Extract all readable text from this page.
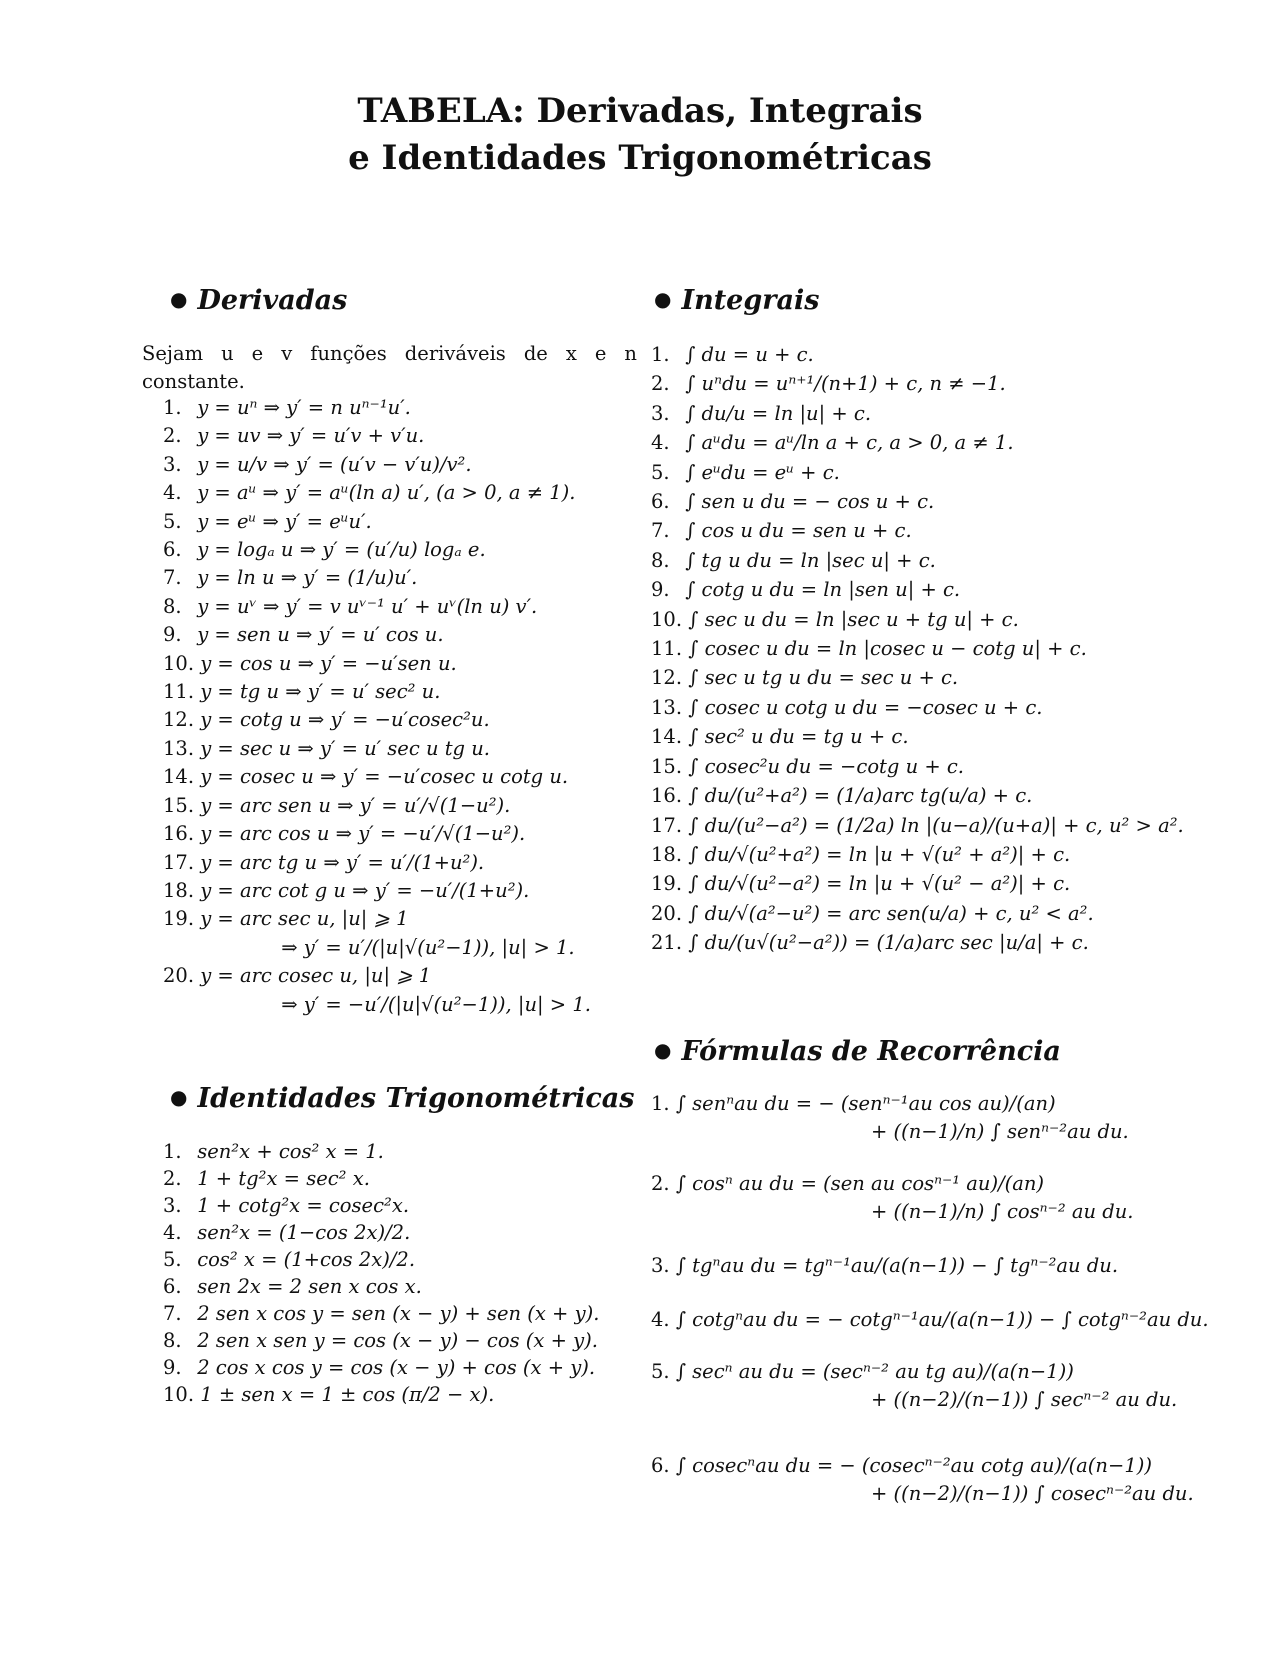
TABELA: Derivadas, Integrais
e Identidades Trigonométricas
● Derivadas
Sejam u e v funções deriváveis de x e n constante.
1. y = uⁿ ⇒ y′ = n uⁿ⁻¹u′.
2. y = uv ⇒ y′ = u′v + v′u.
3. y = u/v ⇒ y′ = (u′v − v′u)/v².
4. y = aᵘ ⇒ y′ = aᵘ(ln a) u′, (a > 0, a ≠ 1).
5. y = eᵘ ⇒ y′ = eᵘu′.
6. y = logₐ u ⇒ y′ = (u′/u) logₐ e.
7. y = ln u ⇒ y′ = (1/u)u′.
8. y = uᵛ ⇒ y′ = v uᵛ⁻¹ u′ + uᵛ(ln u) v′.
9. y = sen u ⇒ y′ = u′ cos u.
10. y = cos u ⇒ y′ = −u′sen u.
11. y = tg u ⇒ y′ = u′ sec² u.
12. y = cotg u ⇒ y′ = −u′cosec²u.
13. y = sec u ⇒ y′ = u′ sec u tg u.
14. y = cosec u ⇒ y′ = −u′cosec u cotg u.
15. y = arc sen u ⇒ y′ = u′/√(1−u²).
16. y = arc cos u ⇒ y′ = −u′/√(1−u²).
17. y = arc tg u ⇒ y′ = u′/(1+u²).
18. y = arc cot g u ⇒ y′ = −u′/(1+u²).
19. y = arc sec u, |u| ⩾ 1
⇒ y′ = u′/(|u|√(u²−1)), |u| > 1.
20. y = arc cosec u, |u| ⩾ 1
⇒ y′ = −u′/(|u|√(u²−1)), |u| > 1.
● Identidades Trigonométricas
1. sen²x + cos² x = 1.
2. 1 + tg²x = sec² x.
3. 1 + cotg²x = cosec²x.
4. sen²x = (1−cos 2x)/2.
5. cos² x = (1+cos 2x)/2.
6. sen 2x = 2 sen x cos x.
7. 2 sen x cos y = sen (x − y) + sen (x + y).
8. 2 sen x sen y = cos (x − y) − cos (x + y).
9. 2 cos x cos y = cos (x − y) + cos (x + y).
10. 1 ± sen x = 1 ± cos (π/2 − x).
● Integrais
1. ∫ du = u + c.
2. ∫ uⁿdu = uⁿ⁺¹/(n+1) + c, n ≠ −1.
3. ∫ du/u = ln |u| + c.
4. ∫ aᵘdu = aᵘ/ln a + c, a > 0, a ≠ 1.
5. ∫ eᵘdu = eᵘ + c.
6. ∫ sen u du = − cos u + c.
7. ∫ cos u du = sen u + c.
8. ∫ tg u du = ln |sec u| + c.
9. ∫ cotg u du = ln |sen u| + c.
10. ∫ sec u du = ln |sec u + tg u| + c.
11. ∫ cosec u du = ln |cosec u − cotg u| + c.
12. ∫ sec u tg u du = sec u + c.
13. ∫ cosec u cotg u du = −cosec u + c.
14. ∫ sec² u du = tg u + c.
15. ∫ cosec²u du = −cotg u + c.
16. ∫ du/(u²+a²) = (1/a)arc tg(u/a) + c.
17. ∫ du/(u²−a²) = (1/2a) ln |(u−a)/(u+a)| + c, u² > a².
18. ∫ du/√(u²+a²) = ln |u + √(u² + a²)| + c.
19. ∫ du/√(u²−a²) = ln |u + √(u² − a²)| + c.
20. ∫ du/√(a²−u²) = arc sen(u/a) + c, u² < a².
21. ∫ du/(u√(u²−a²)) = (1/a)arc sec |u/a| + c.
● Fórmulas de Recorrência
1. ∫ senⁿau du = − (senⁿ⁻¹au cos au)/(an)
+ ((n−1)/n) ∫ senⁿ⁻²au du.
2. ∫ cosⁿ au du = (sen au cosⁿ⁻¹ au)/(an)
+ ((n−1)/n) ∫ cosⁿ⁻² au du.
3. ∫ tgⁿau du = tgⁿ⁻¹au/(a(n−1)) − ∫ tgⁿ⁻²au du.
4. ∫ cotgⁿau du = − cotgⁿ⁻¹au/(a(n−1)) − ∫ cotgⁿ⁻²au du.
5. ∫ secⁿ au du = (secⁿ⁻² au tg au)/(a(n−1))
+ ((n−2)/(n−1)) ∫ secⁿ⁻² au du.
6. ∫ cosecⁿau du = − (cosecⁿ⁻²au cotg au)/(a(n−1))
+ ((n−2)/(n−1)) ∫ cosecⁿ⁻²au du.
